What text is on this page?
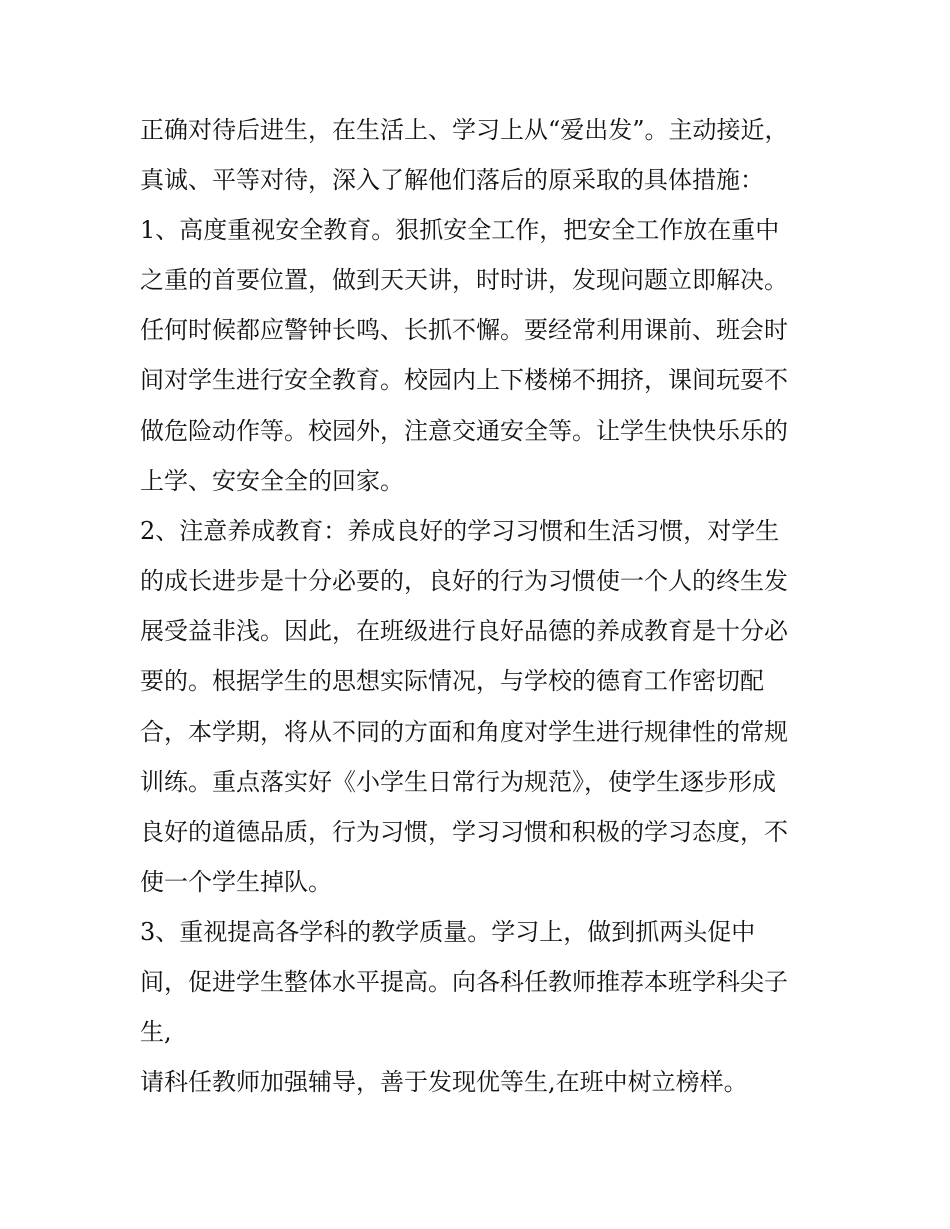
正确对待后进生，在生活上、学习上从“爱出发”。主动接近，
真诚、平等对待，深入了解他们落后的原采取的具体措施：
1、高度重视安全教育。狠抓安全工作，把安全工作放在重中
之重的首要位置，做到天天讲，时时讲，发现问题立即解决。
任何时候都应警钟长鸣、长抓不懈。要经常利用课前、班会时
间对学生进行安全教育。校园内上下楼梯不拥挤，课间玩耍不
做危险动作等。校园外，注意交通安全等。让学生快快乐乐的
上学、安安全全的回家。
2、注意养成教育：养成良好的学习习惯和生活习惯，对学生
的成长进步是十分必要的，良好的行为习惯使一个人的终生发
展受益非浅。因此，在班级进行良好品德的养成教育是十分必
要的。根据学生的思想实际情况，与学校的德育工作密切配
合，本学期，将从不同的方面和角度对学生进行规律性的常规
训练。重点落实好《小学生日常行为规范》，使学生逐步形成
良好的道德品质，行为习惯，学习习惯和积极的学习态度，不
使一个学生掉队。
3、重视提高各学科的教学质量。学习上，做到抓两头促中
间，促进学生整体水平提高。向各科任教师推荐本班学科尖子
生,
请科任教师加强辅导，善于发现优等生,在班中树立榜样。
